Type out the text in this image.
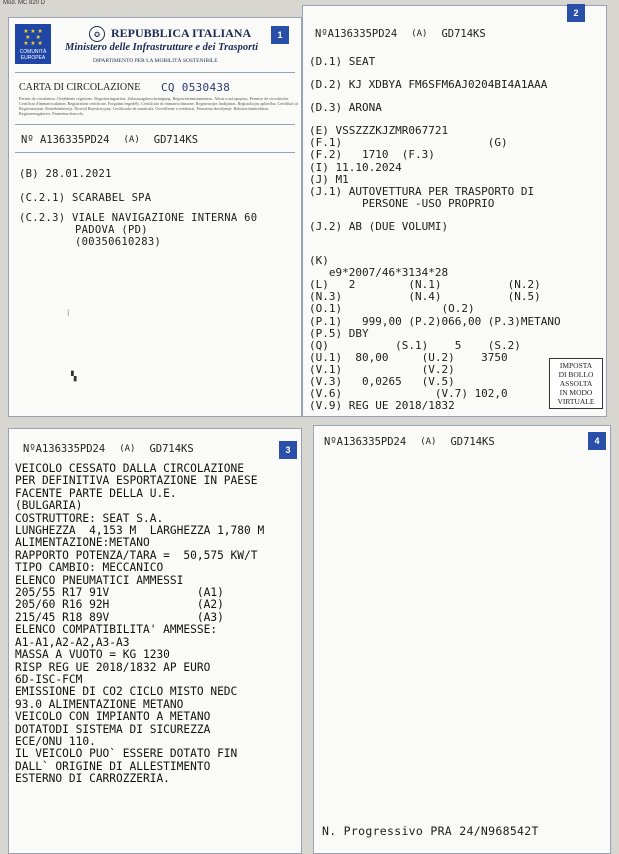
Mod. MC 820 D
1
★ ★ ★
★   ★
★ ★ ★
COMUNITÀ EUROPEA
✪ REPUBBLICA ITALIANA
Ministero delle Infrastrutture e dei Trasporti
DIPARTIMENTO PER LA MOBILITÀ SOSTENIBILE
CARTA DI CIRCOLAZIONE CQ 0530438
Permis de circulation. Ovrăldenie registrare. Registreringsattest. Zulassungsbescheinigung. Registreerimistunnistus. Άδεια κυκλοφορίας. Permiso de circulación. Certificat d'immatriculation. Registration certificate. Forgalmi engedély. Certificato di immatricolazione. Registracijos liudijimas. Reģistrācijas apliecība. Certifikat ta' Registrazzjoni. Kentekenbewijs. Dowód Rejestracyjny. Certificado de matrícula. Osvedčenie o evidencii. Prometno dovoljenje. Rekisteröintitodistus. Registreringsbevis. Prometna dozvola.
Nº A136335PD24 (A) GD714KS
(B) 28.01.2021
(C.2.1) SCARABEL SPA
(C.2.3) VIALE NAVIGAZIONE INTERNA 60
PADOVA (PD)
(00350610283)
⁞
▚
2
NºA136335PD24 (A) GD714KS
(D.1) SEAT
(D.2) KJ XDBYA FM6SFM6AJ0204BI4A1AAA
(D.3) ARONA
(E) VSSZZZKJZMR067721
(F.1)                      (G)
(F.2)   1710  (F.3)
(I) 11.10.2024
(J) M1
(J.1) AUTOVETTURA PER TRASPORTO DI
PERSONE -USO PROPRIO
(J.2) AB (DUE VOLUMI)
(K)
e9*2007/46*3134*28
(L)   2        (N.1)          (N.2)
(N.3)          (N.4)          (N.5)
(O.1)               (O.2)
(P.1)   999,00 (P.2)066,00 (P.3)METANO
(P.5) DBY
(Q)          (S.1)    5    (S.2)
(U.1)  80,00     (U.2)    3750
(V.1)            (V.2)
(V.3)   0,0265   (V.5)
(V.6)              (V.7) 102,0
(V.9) REG UE 2018/1832
IMPOSTA
DI BOLLO
ASSOLTA
IN MODO
VIRTUALE
3
NºA136335PD24 (A) GD714KS
VEICOLO CESSATO DALLA CIRCOLAZIONE
PER DEFINITIVA ESPORTAZIONE IN PAESE
FACENTE PARTE DELLA U.E.
(BULGARIA)
COSTRUTTORE: SEAT S.A.
LUNGHEZZA  4,153 M  LARGHEZZA 1,780 M
ALIMENTAZIONE:METANO
RAPPORTO POTENZA/TARA =  50,575 KW/T
TIPO CAMBIO: MECCANICO
ELENCO PNEUMATICI AMMESSI
205/55 R17 91V             (A1)
205/60 R16 92H             (A2)
215/45 R18 89V             (A3)
ELENCO COMPATIBILITA' AMMESSE:
A1-A1,A2-A2,A3-A3
MASSA A VUOTO = KG 1230
RISP REG UE 2018/1832 AP EURO
6D-ISC-FCM
EMISSIONE DI CO2 CICLO MISTO NEDC
93.0 ALIMENTAZIONE METANO
VEICOLO CON IMPIANTO A METANO
DOTATODI SISTEMA DI SICUREZZA
ECE/ONU 110.
IL VEICOLO PUO` ESSERE DOTATO FIN
DALL` ORIGINE DI ALLESTIMENTO
ESTERNO DI CARROZZERIA.
4
NºA136335PD24 (A) GD714KS
N. Progressivo PRA 24/N968542T
